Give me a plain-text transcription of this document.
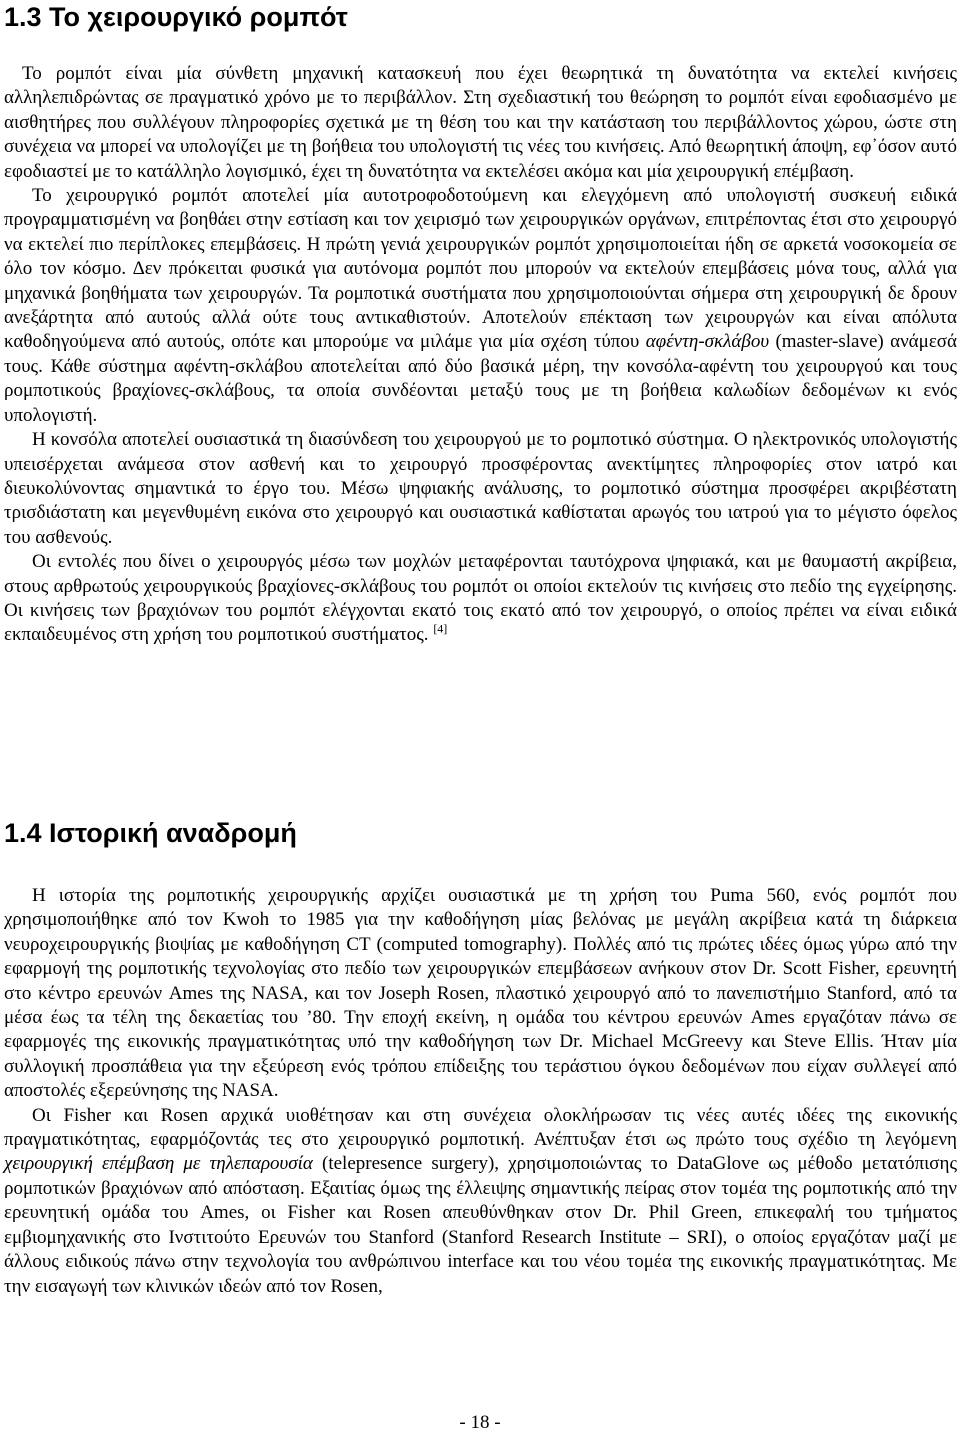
1.3 Το χειρουργικό ρομπότ

Το ρομπότ είναι μία σύνθετη μηχανική κατασκευή που έχει θεωρητικά τη δυνατότητα να εκτελεί κινήσεις αλληλεπιδρώντας σε πραγματικό χρόνο με το περιβάλλον. Στη σχεδιαστική του θεώρηση το ρομπότ είναι εφοδιασμένο με αισθητήρες που συλλέγουν πληροφορίες σχετικά με τη θέση του και την κατάσταση του περιβάλλοντος χώρου, ώστε στη συνέχεια να μπορεί να υπολογίζει με τη βοήθεια του υπολογιστή τις νέες του κινήσεις. Από θεωρητική άποψη, εφ᾽όσον αυτό εφοδιαστεί με το κατάλληλο λογισμικό, έχει τη δυνατότητα να εκτελέσει ακόμα και μία χειρουργική επέμβαση.

Το χειρουργικό ρομπότ αποτελεί μία αυτοτροφοδοτούμενη και ελεγχόμενη από υπολογιστή συσκευή ειδικά προγραμματισμένη να βοηθάει στην εστίαση και τον χειρισμό των χειρουργικών οργάνων, επιτρέποντας έτσι στο χειρουργό να εκτελεί πιο περίπλοκες επεμβάσεις. Η πρώτη γενιά χειρουργικών ρομπότ χρησιμοποιείται ήδη σε αρκετά νοσοκομεία σε όλο τον κόσμο. Δεν πρόκειται φυσικά για αυτόνομα ρομπότ που μπορούν να εκτελούν επεμβάσεις μόνα τους, αλλά για μηχανικά βοηθήματα των χειρουργών. Τα ρομποτικά συστήματα που χρησιμοποιούνται σήμερα στη χειρουργική δε δρουν ανεξάρτητα από αυτούς αλλά ούτε τους αντικαθιστούν. Αποτελούν επέκταση των χειρουργών και είναι απόλυτα καθοδηγούμενα από αυτούς, οπότε και μπορούμε να μιλάμε για μία σχέση τύπου αφέντη-σκλάβου (master-slave) ανάμεσά τους. Κάθε σύστημα αφέντη-σκλάβου αποτελείται από δύο βασικά μέρη, την κονσόλα-αφέντη του χειρουργού και τους ρομποτικούς βραχίονες-σκλάβους, τα οποία συνδέονται μεταξύ τους με τη βοήθεια καλωδίων δεδομένων κι ενός υπολογιστή.

Η κονσόλα αποτελεί ουσιαστικά τη διασύνδεση του χειρουργού με το ρομποτικό σύστημα. Ο ηλεκτρονικός υπολογιστής υπεισέρχεται ανάμεσα στον ασθενή και το χειρουργό προσφέροντας ανεκτίμητες πληροφορίες στον ιατρό και διευκολύνοντας σημαντικά το έργο του. Μέσω ψηφιακής ανάλυσης, το ρομποτικό σύστημα προσφέρει ακριβέστατη τρισδιάστατη και μεγενθυμένη εικόνα στο χειρουργό και ουσιαστικά καθίσταται αρωγός του ιατρού για το μέγιστο όφελος του ασθενούς.

Οι εντολές που δίνει ο χειρουργός μέσω των μοχλών μεταφέρονται ταυτόχρονα ψηφιακά, και με θαυμαστή ακρίβεια, στους αρθρωτούς χειρουργικούς βραχίονες-σκλάβους του ρομπότ οι οποίοι εκτελούν τις κινήσεις στο πεδίο της εγχείρησης. Οι κινήσεις των βραχιόνων του ρομπότ ελέγχονται εκατό τοις εκατό από τον χειρουργό, ο οποίος πρέπει να είναι ειδικά εκπαιδευμένος στη χρήση του ρομποτικού συστήματος. [4]

1.4 Ιστορική αναδρομή

Η ιστορία της ρομποτικής χειρουργικής αρχίζει ουσιαστικά με τη χρήση του Puma 560, ενός ρομπότ που χρησιμοποιήθηκε από τον Kwoh το 1985 για την καθοδήγηση μίας βελόνας με μεγάλη ακρίβεια κατά τη διάρκεια νευροχειρουργικής βιοψίας με καθοδήγηση CT (computed tomography). Πολλές από τις πρώτες ιδέες όμως γύρω από την εφαρμογή της ρομποτικής τεχνολογίας στο πεδίο των χειρουργικών επεμβάσεων ανήκουν στον Dr. Scott Fisher, ερευνητή στο κέντρο ερευνών Ames της NASA, και τον Joseph Rosen, πλαστικό χειρουργό από το πανεπιστήμιο Stanford, από τα μέσα έως τα τέλη της δεκαετίας του ’80. Την εποχή εκείνη, η ομάδα του κέντρου ερευνών Ames εργαζόταν πάνω σε εφαρμογές της εικονικής πραγματικότητας υπό την καθοδήγηση των Dr. Michael McGreevy και Steve Ellis. Ήταν μία συλλογική προσπάθεια για την εξεύρεση ενός τρόπου επίδειξης του τεράστιου όγκου δεδομένων που είχαν συλλεγεί από αποστολές εξερεύνησης της NASA.

Οι Fisher και Rosen αρχικά υιοθέτησαν και στη συνέχεια ολοκλήρωσαν τις νέες αυτές ιδέες της εικονικής πραγματικότητας, εφαρμόζοντάς τες στο χειρουργικό ρομποτική. Ανέπτυξαν έτσι ως πρώτο τους σχέδιο τη λεγόμενη χειρουργική επέμβαση με τηλεπαρουσία (telepresence surgery), χρησιμοποιώντας το DataGlove ως μέθοδο μετατόπισης ρομποτικών βραχιόνων από απόσταση. Εξαιτίας όμως της έλλειψης σημαντικής πείρας στον τομέα της ρομποτικής από την ερευνητική ομάδα του Ames, οι Fisher και Rosen απευθύνθηκαν στον Dr. Phil Green, επικεφαλή του τμήματος εμβιομηχανικής στο Ινστιτούτο Ερευνών του Stanford (Stanford Research Institute – SRI), ο οποίος εργαζόταν μαζί με άλλους ειδικούς πάνω στην τεχνολογία του ανθρώπινου interface και του νέου τομέα της εικονικής πραγματικότητας. Με την εισαγωγή των κλινικών ιδεών από τον Rosen,

- 18 -
